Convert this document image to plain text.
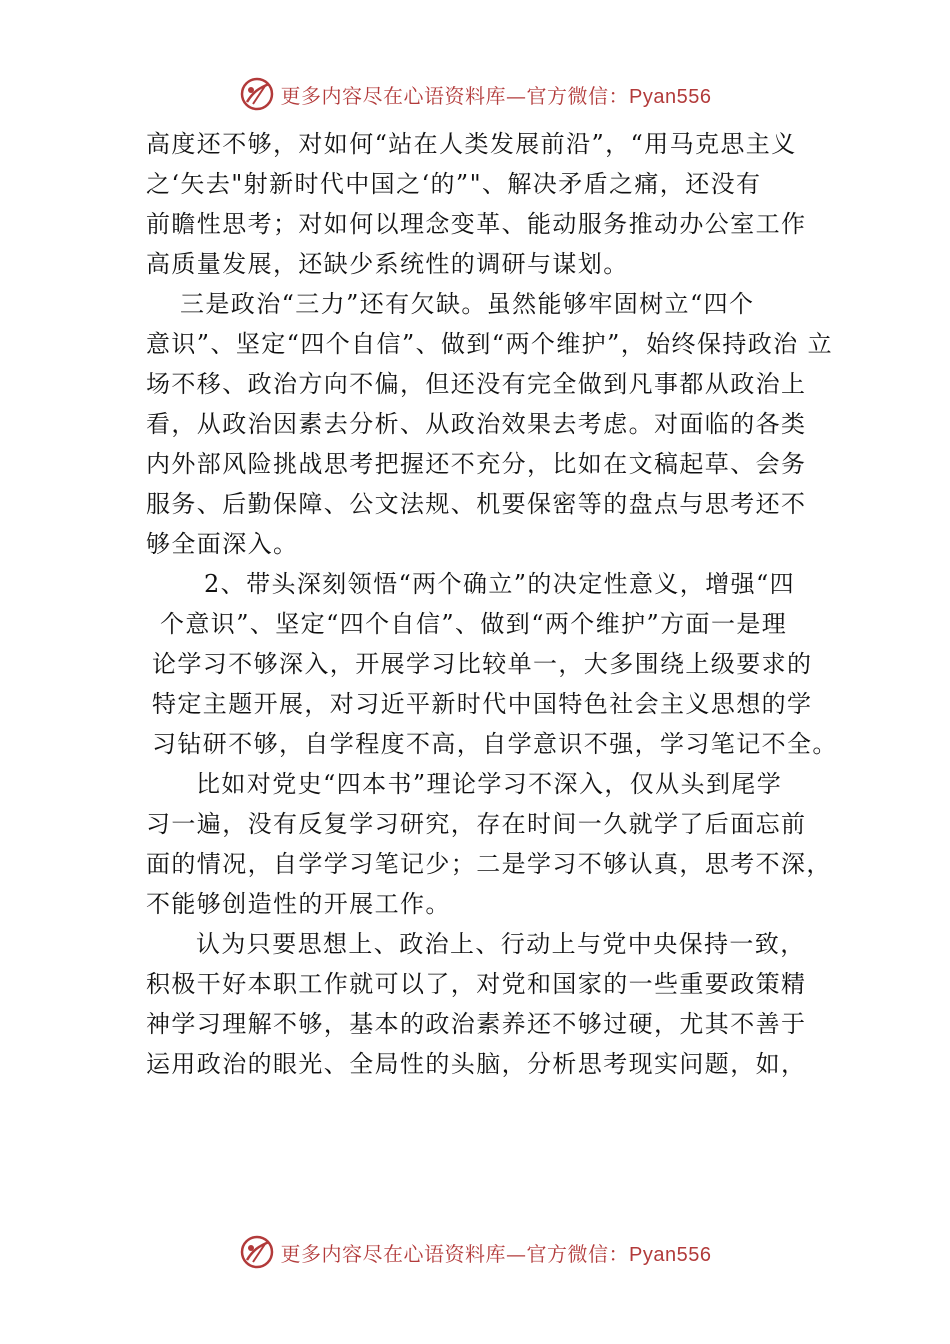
更多内容尽在心语资料库—官方微信：Pyan556
高度还不够，对如何“站在人类发展前沿”，“用马克思主义
之‘矢去"射新时代中国之‘的”"、解决矛盾之痛，还没有
前瞻性思考；对如何以理念变革、能动服务推动办公室工作
高质量发展，还缺少系统性的调研与谋划。
三是政治“三力”还有欠缺。虽然能够牢固树立“四个
意识”、坚定“四个自信”、做到“两个维护”，始终保持政治 立
场不移、政治方向不偏，但还没有完全做到凡事都从政治上
看，从政治因素去分析、从政治效果去考虑。对面临的各类
内外部风险挑战思考把握还不充分，比如在文稿起草、会务
服务、后勤保障、公文法规、机要保密等的盘点与思考还不
够全面深入。
2、带头深刻领悟“两个确立”的决定性意义，增强“四
个意识”、坚定“四个自信”、做到“两个维护”方面一是理
论学习不够深入，开展学习比较单一，大多围绕上级要求的
特定主题开展，对习近平新时代中国特色社会主义思想的学
习钻研不够，自学程度不高，自学意识不强，学习笔记不全。
比如对党史“四本书”理论学习不深入，仅从头到尾学
习一遍，没有反复学习研究，存在时间一久就学了后面忘前
面的情况，自学学习笔记少；二是学习不够认真，思考不深，
不能够创造性的开展工作。
认为只要思想上、政治上、行动上与党中央保持一致，
积极干好本职工作就可以了，对党和国家的一些重要政策精
神学习理解不够，基本的政治素养还不够过硬，尤其不善于
运用政治的眼光、全局性的头脑，分析思考现实问题，如，
更多内容尽在心语资料库—官方微信：Pyan556
